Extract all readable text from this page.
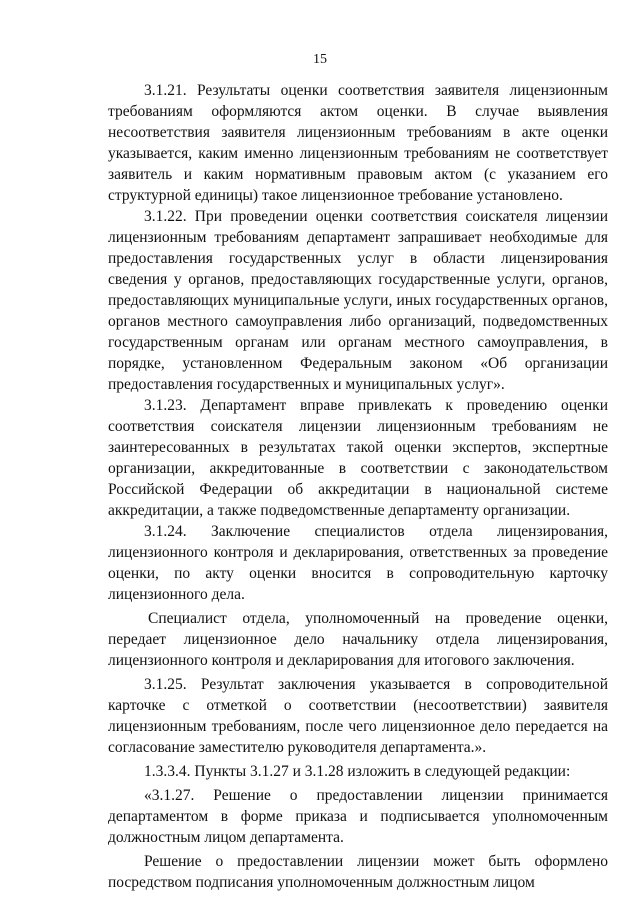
15

3.1.21. Результаты оценки соответствия заявителя лицензионным требованиям оформляются актом оценки. В случае выявления несоответствия заявителя лицензионным требованиям в акте оценки указывается, каким именно лицензионным требованиям не соответствует заявитель и каким нормативным правовым актом (с указанием его структурной единицы) такое лицензионное требование установлено.

3.1.22. При проведении оценки соответствия соискателя лицензии лицензионным требованиям департамент запрашивает необходимые для предоставления государственных услуг в области лицензирования сведения у органов, предоставляющих государственные услуги, органов, предоставляющих муниципальные услуги, иных государственных органов, органов местного самоуправления либо организаций, подведомственных государственным органам или органам местного самоуправления, в порядке, установленном Федеральным законом «Об организации предоставления государственных и муниципальных услуг».

3.1.23. Департамент вправе привлекать к проведению оценки соответствия соискателя лицензии лицензионным требованиям не заинтересованных в результатах такой оценки экспертов, экспертные организации, аккредитованные в соответствии с законодательством Российской Федерации об аккредитации в национальной системе аккредитации, а также подведомственные департаменту организации.

3.1.24. Заключение специалистов отдела лицензирования, лицензионного контроля и декларирования, ответственных за проведение оценки, по акту оценки вносится в сопроводительную карточку лицензионного дела.

Специалист отдела, уполномоченный на проведение оценки, передает лицензионное дело начальнику отдела лицензирования, лицензионного контроля и декларирования для итогового заключения.

3.1.25. Результат заключения указывается в сопроводительной карточке с отметкой о соответствии (несоответствии) заявителя лицензионным требованиям, после чего лицензионное дело передается на согласование заместителю руководителя департамента.».

1.3.3.4. Пункты 3.1.27 и 3.1.28 изложить в следующей редакции:

«3.1.27. Решение о предоставлении лицензии принимается департаментом в форме приказа и подписывается уполномоченным должностным лицом департамента.

Решение о предоставлении лицензии может быть оформлено посредством подписания уполномоченным должностным лицом
